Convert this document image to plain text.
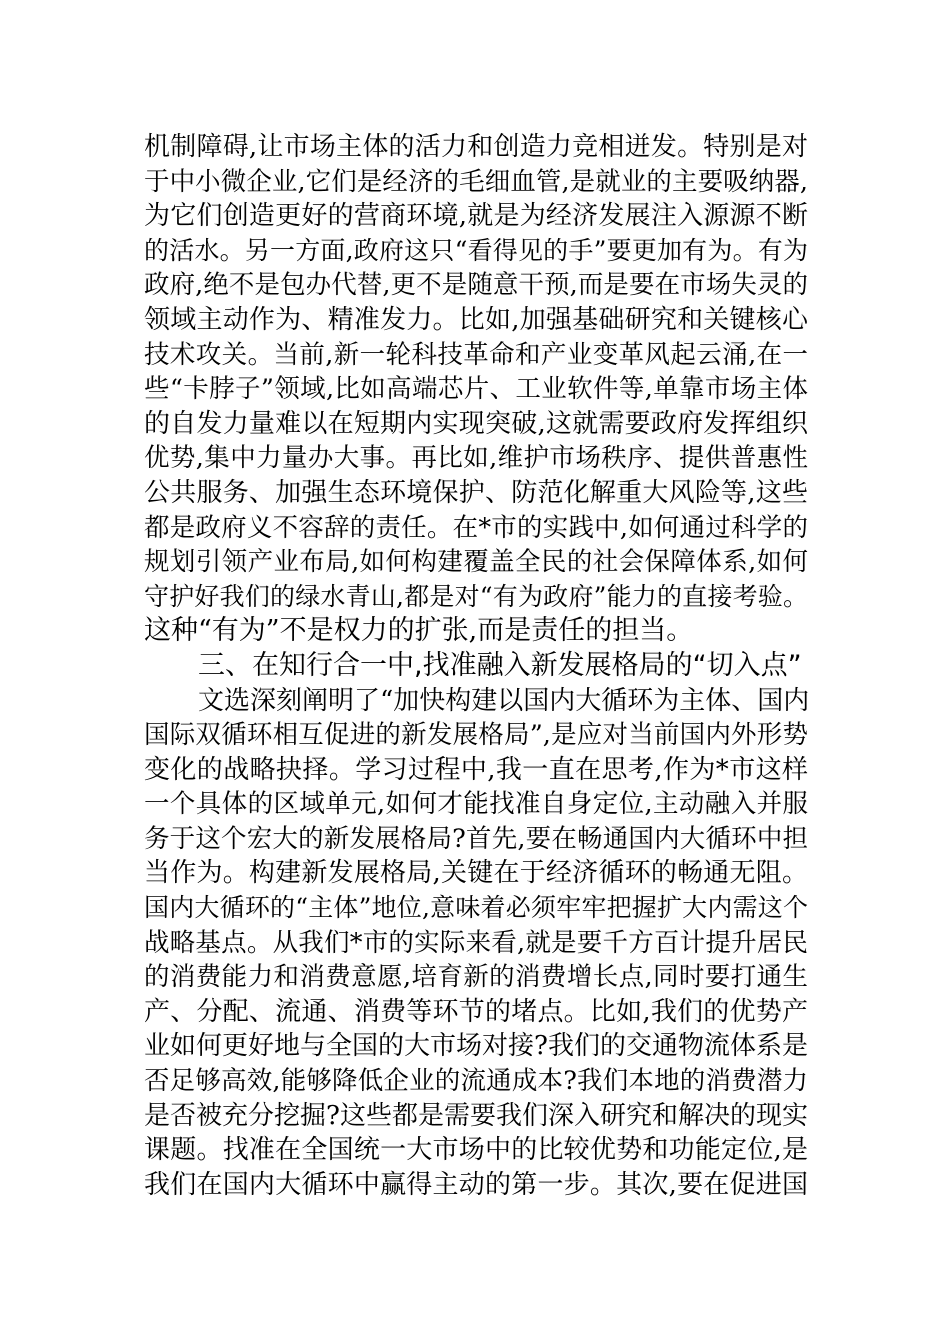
机制障碍,让市场主体的活力和创造力竞相迸发。特别是对
于中小微企业,它们是经济的毛细血管,是就业的主要吸纳器,
为它们创造更好的营商环境,就是为经济发展注入源源不断
的活水。另一方面,政府这只“看得见的手”要更加有为。有为
政府,绝不是包办代替,更不是随意干预,而是要在市场失灵的
领域主动作为、精准发力。比如,加强基础研究和关键核心
技术攻关。当前,新一轮科技革命和产业变革风起云涌,在一
些“卡脖子”领域,比如高端芯片、工业软件等,单靠市场主体
的自发力量难以在短期内实现突破,这就需要政府发挥组织
优势,集中力量办大事。再比如,维护市场秩序、提供普惠性
公共服务、加强生态环境保护、防范化解重大风险等,这些
都是政府义不容辞的责任。在*市的实践中,如何通过科学的
规划引领产业布局,如何构建覆盖全民的社会保障体系,如何
守护好我们的绿水青山,都是对“有为政府”能力的直接考验。
这种“有为”不是权力的扩张,而是责任的担当。
三、在知行合一中,找准融入新发展格局的“切入点”
文选深刻阐明了“加快构建以国内大循环为主体、国内
国际双循环相互促进的新发展格局”,是应对当前国内外形势
变化的战略抉择。学习过程中,我一直在思考,作为*市这样
一个具体的区域单元,如何才能找准自身定位,主动融入并服
务于这个宏大的新发展格局?首先,要在畅通国内大循环中担
当作为。构建新发展格局,关键在于经济循环的畅通无阻。
国内大循环的“主体”地位,意味着必须牢牢把握扩大内需这个
战略基点。从我们*市的实际来看,就是要千方百计提升居民
的消费能力和消费意愿,培育新的消费增长点,同时要打通生
产、分配、流通、消费等环节的堵点。比如,我们的优势产
业如何更好地与全国的大市场对接?我们的交通物流体系是
否足够高效,能够降低企业的流通成本?我们本地的消费潜力
是否被充分挖掘?这些都是需要我们深入研究和解决的现实
课题。找准在全国统一大市场中的比较优势和功能定位,是
我们在国内大循环中赢得主动的第一步。其次,要在促进国
